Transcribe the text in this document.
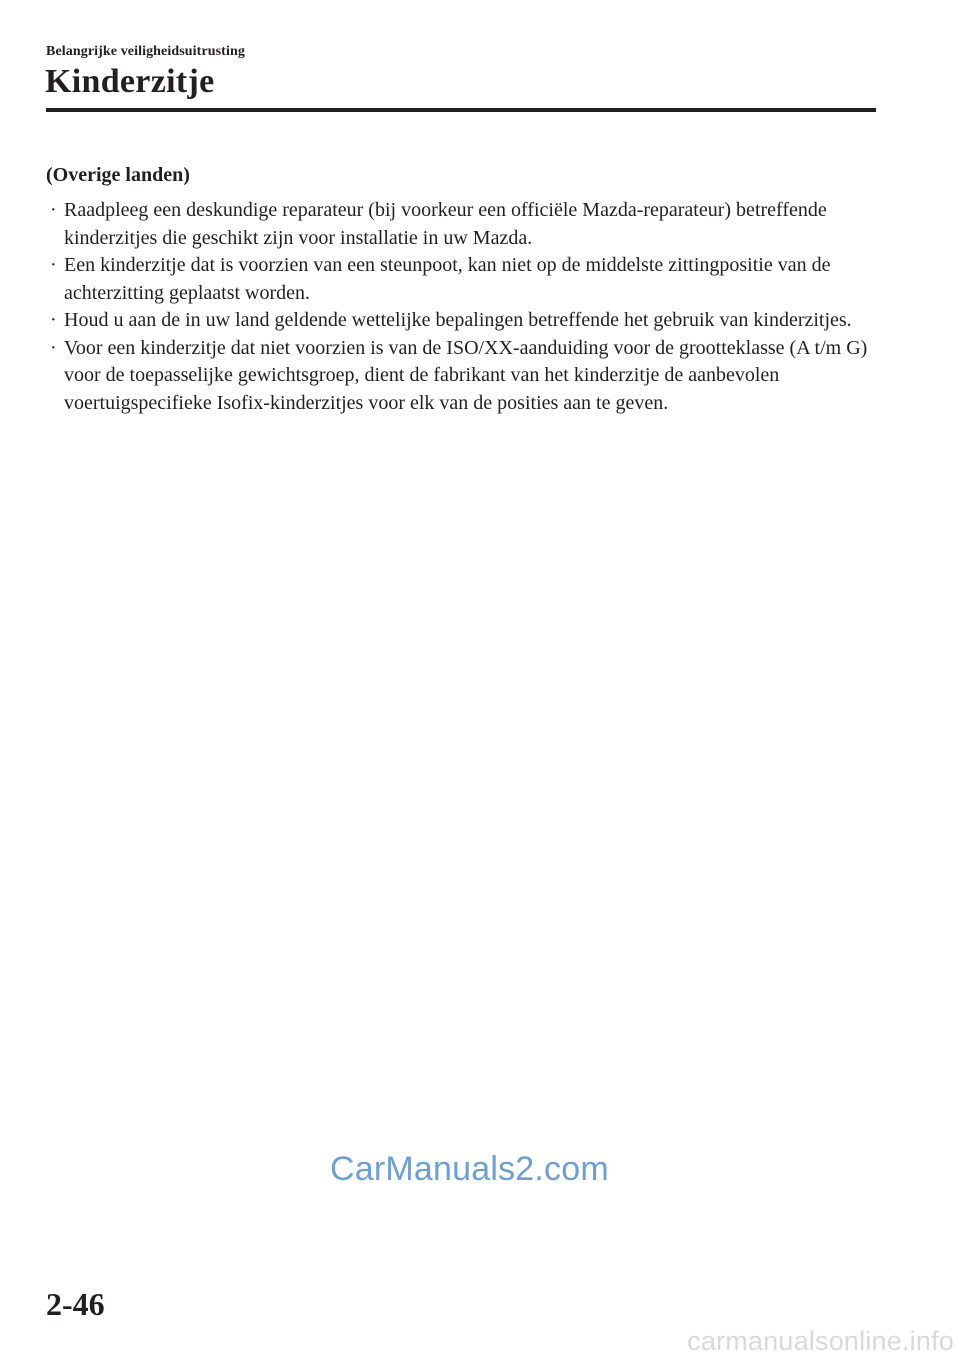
Belangrijke veiligheidsuitrusting
Kinderzitje
(Overige landen)
· Raadpleeg een deskundige reparateur (bij voorkeur een officiële Mazda-reparateur) betreffende kinderzitjes die geschikt zijn voor installatie in uw Mazda.
· Een kinderzitje dat is voorzien van een steunpoot, kan niet op de middelste zittingpositie van de achterzitting geplaatst worden.
· Houd u aan de in uw land geldende wettelijke bepalingen betreffende het gebruik van kinderzitjes.
· Voor een kinderzitje dat niet voorzien is van de ISO/XX-aanduiding voor de grootteklasse (A t/m G) voor de toepasselijke gewichtsgroep, dient de fabrikant van het kinderzitje de aanbevolen voertuigspecifieke Isofix-kinderzitjes voor elk van de posities aan te geven.
CarManuals2.com
2-46
carmanualsonline.info
